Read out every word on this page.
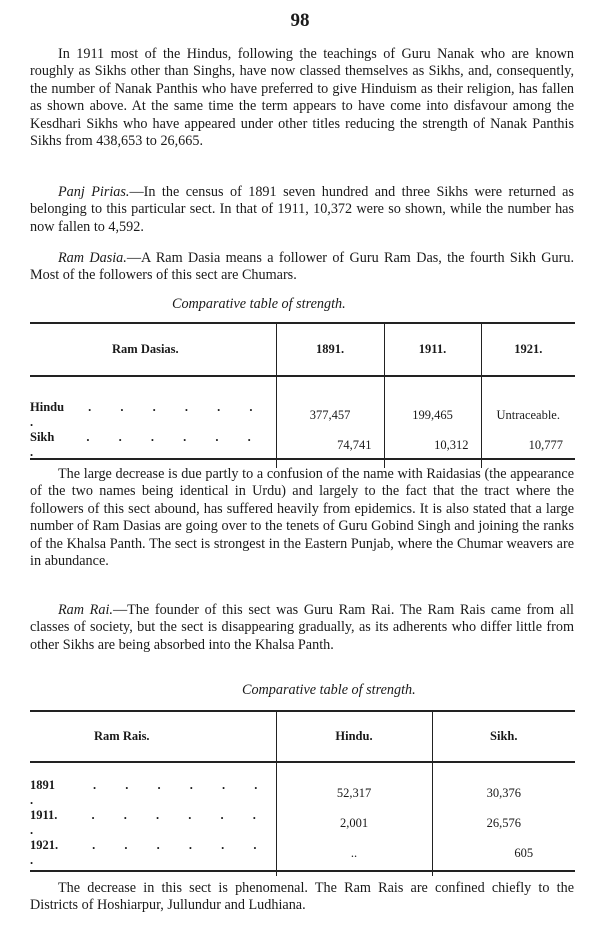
98

In 1911 most of the Hindus, following the teachings of Guru Nanak who are known roughly as Sikhs other than Singhs, have now classed themselves as Sikhs, and, consequently, the number of Nanak Panthis who have preferred to give Hinduism as their religion, has fallen as shown above. At the same time the term appears to have come into disfavour among the Kesdhari Sikhs who have appeared under other titles reducing the strength of Nanak Panthis Sikhs from 438,653 to 26,665.

Panj Pirias.—In the census of 1891 seven hundred and three Sikhs were returned as belonging to this particular sect. In that of 1911, 10,372 were so shown, while the number has now fallen to 4,592.

Ram Dasia.—A Ram Dasia means a follower of Guru Ram Das, the fourth Sikh Guru. Most of the followers of this sect are Chumars.

Comparative table of strength.

Ram Dasias.	1891.	1911.	1921.

Hindu . . . . . . .	377,457	199,465	Untraceable.
Sikh . . . . . . .	74,741	10,312	10,777

The large decrease is due partly to a confusion of the name with Raidasias (the appearance of the two names being identical in Urdu) and largely to the fact that the tract where the followers of this sect abound, has suffered heavily from epidemics. It is also stated that a large number of Ram Dasias are going over to the tenets of Guru Gobind Singh and joining the ranks of the Khalsa Panth. The sect is strongest in the Eastern Punjab, where the Chumar weavers are in abundance.

Ram Rai.—The founder of this sect was Guru Ram Rai. The Ram Rais came from all classes of society, but the sect is disappearing gradually, as its adherents who differ little from other Sikhs are being absorbed into the Khalsa Panth.

Comparative table of strength.

Ram Rais.	Hindu.	Sikh.

1891 . . . . . . .	52,317	30,376
1911. . . . . . . .	2,001	26,576
1921. . . . . . . .	..	605

The decrease in this sect is phenomenal. The Ram Rais are confined chiefly to the Districts of Hoshiarpur, Jullundur and Ludhiana.
